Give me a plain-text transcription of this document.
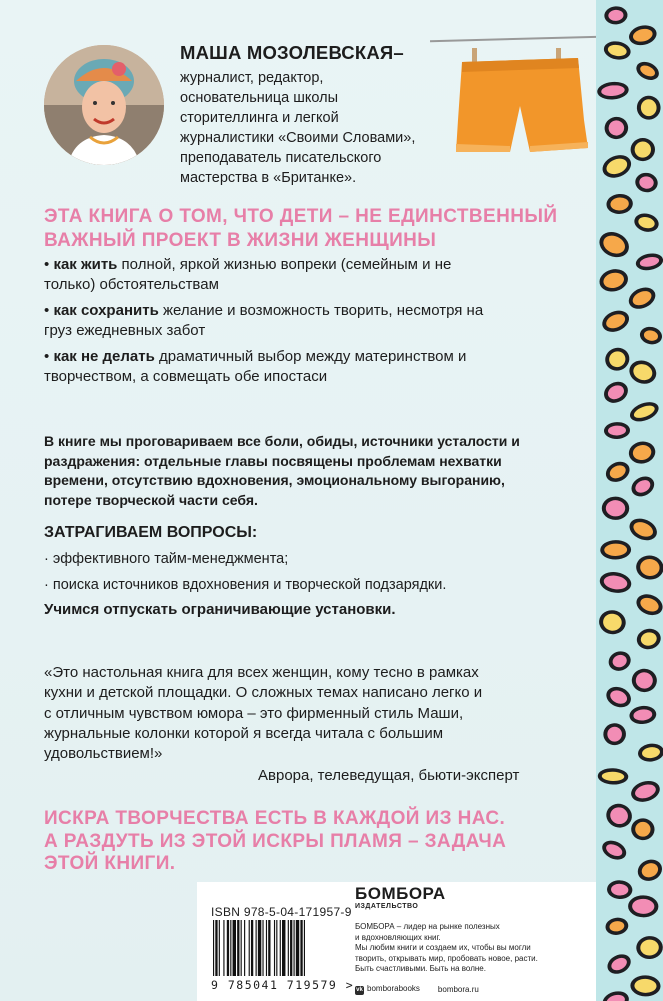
МАША МОЗОЛЕВСКАЯ–
журналист, редактор,
основательница школы
сторителлинга и легкой
журналистики «Своими Словами»,
преподаватель писательского
мастерства в «Британке».
ЭТА КНИГА О ТОМ, ЧТО ДЕТИ – НЕ ЕДИНСТВЕННЫЙ
ВАЖНЫЙ ПРОЕКТ В ЖИЗНИ ЖЕНЩИНЫ
• как жить полной, яркой жизнью вопреки (семейным и не
только) обстоятельствам
• как сохранить желание и возможность творить, несмотря на
груз ежедневных забот
• как не делать драматичный выбор между материнством и
творчеством, а совмещать обе ипостаси
В книге мы проговариваем все боли, обиды, источники усталости и
раздражения: отдельные главы посвящены проблемам нехватки
времени, отсутствию вдохновения, эмоциональному выгоранию,
потере творческой части себя.
ЗАТРАГИВАЕМ ВОПРОСЫ:
· эффективного тайм-менеджмента;
· поиска источников вдохновения и творческой подзарядки.
Учимся отпускать ограничивающие установки.
«Это настольная книга для всех женщин, кому тесно в рамках
кухни и детской площадки. О сложных темах написано легко и
с отличным чувством юмора – это фирменный стиль Маши,
журнальные колонки которой я всегда читала с большим
удовольствием!»
Аврора, телеведущая, бьюти-эксперт
ИСКРА ТВОРЧЕСТВА ЕСТЬ В КАЖДОЙ ИЗ НАС.
А РАЗДУТЬ ИЗ ЭТОЙ ИСКРЫ ПЛАМЯ – ЗАДАЧА
ЭТОЙ КНИГИ.
ISBN 978-5-04-171957-9
9 785041 719579 >
БОМБОРА
ИЗДАТЕЛЬСТВО
БОМБОРА – лидер на рынке полезных
и вдохновляющих книг.
Мы любим книги и создаем их, чтобы вы могли
творить, открывать мир, пробовать новое, расти.
Быть счастливыми. Быть на волне.
vk bomborabooks bombora.ru
